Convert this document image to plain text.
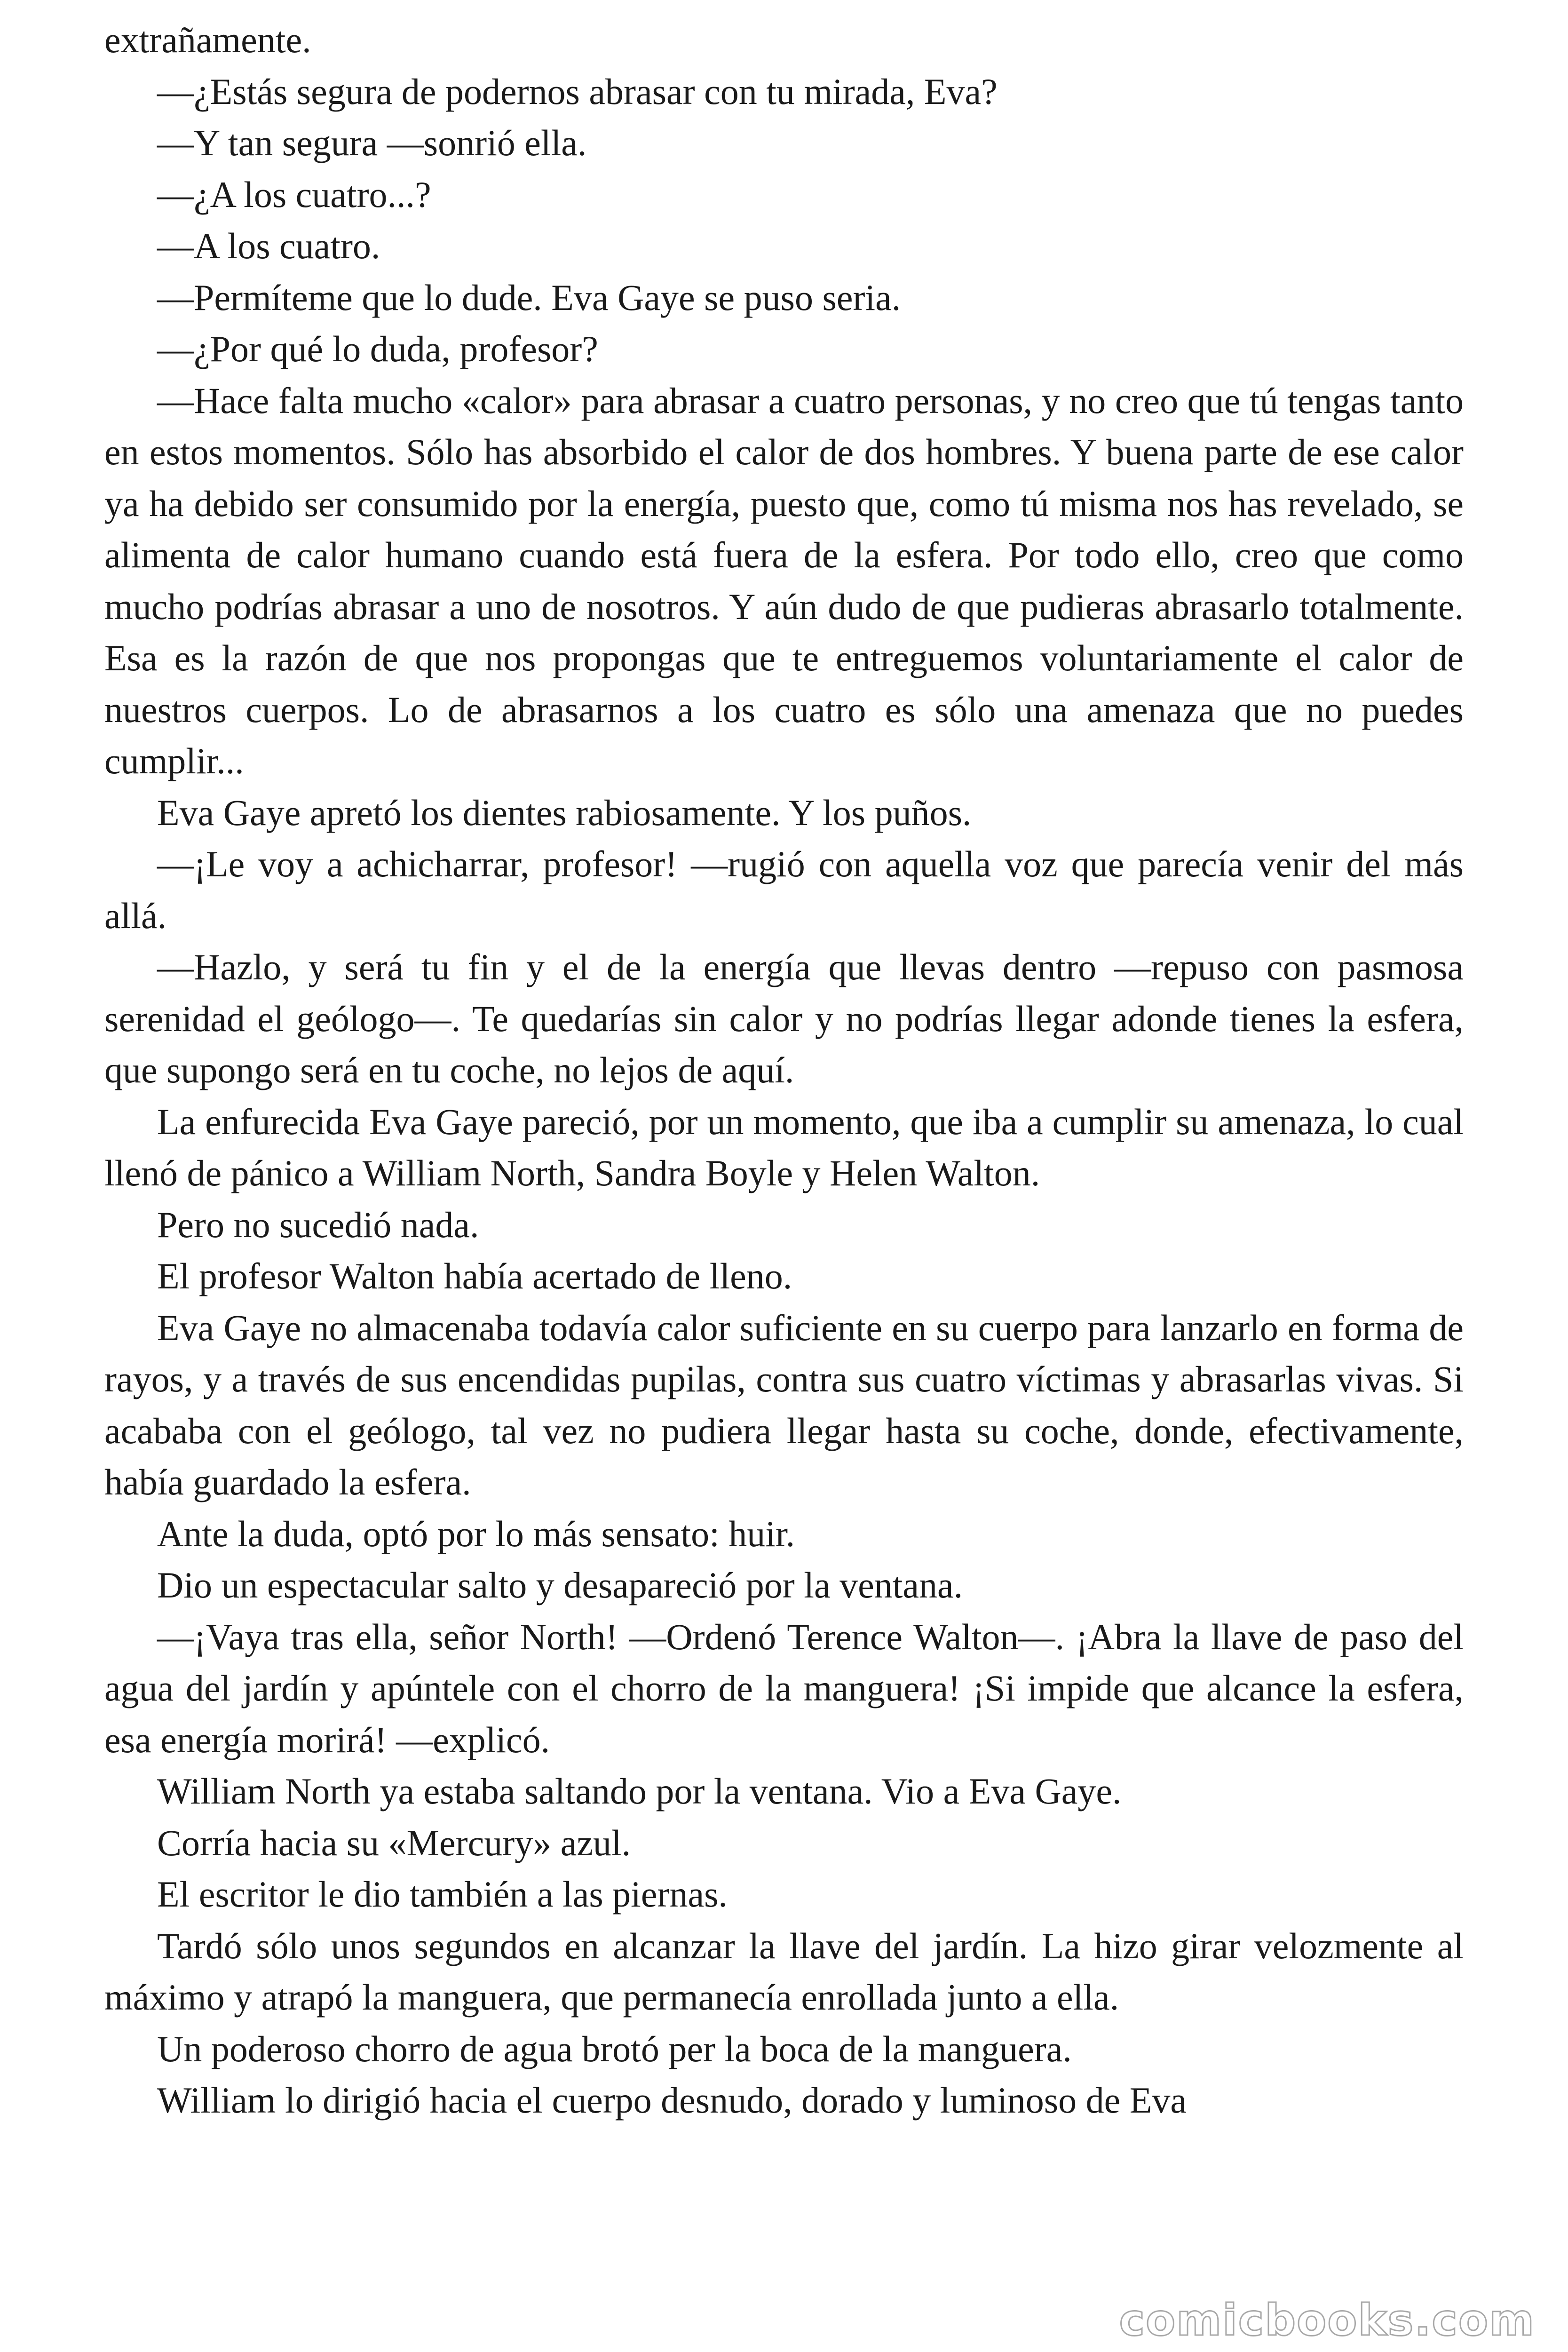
extrañamente.

—¿Estás segura de podernos abrasar con tu mirada, Eva?

—Y tan segura —sonrió ella.

—¿A los cuatro...?

—A los cuatro.

—Permíteme que lo dude. Eva Gaye se puso seria.

—¿Por qué lo duda, profesor?

—Hace falta mucho «calor» para abrasar a cuatro personas, y no creo que tú tengas tanto en estos momentos. Sólo has absorbido el calor de dos hombres. Y buena parte de ese calor ya ha debido ser consumido por la energía, puesto que, como tú misma nos has revelado, se alimenta de calor humano cuando está fuera de la esfera. Por todo ello, creo que como mucho podrías abrasar a uno de nosotros. Y aún dudo de que pudieras abrasarlo totalmente. Esa es la razón de que nos propongas que te entreguemos voluntariamente el calor de nuestros cuerpos. Lo de abrasarnos a los cuatro es sólo una amenaza que no puedes cumplir...

Eva Gaye apretó los dientes rabiosamente. Y los puños.

—¡Le voy a achicharrar, profesor! —rugió con aquella voz que parecía venir del más allá.

—Hazlo, y será tu fin y el de la energía que llevas dentro —repuso con pasmosa serenidad el geólogo—. Te quedarías sin calor y no podrías llegar adonde tienes la esfera, que supongo será en tu coche, no lejos de aquí.

La enfurecida Eva Gaye pareció, por un momento, que iba a cumplir su amenaza, lo cual llenó de pánico a William North, Sandra Boyle y Helen Walton.

Pero no sucedió nada.

El profesor Walton había acertado de lleno.

Eva Gaye no almacenaba todavía calor suficiente en su cuerpo para lanzarlo en forma de rayos, y a través de sus encendidas pupilas, contra sus cuatro víctimas y abrasarlas vivas. Si acababa con el geólogo, tal vez no pudiera llegar hasta su coche, donde, efectivamente, había guardado la esfera.

Ante la duda, optó por lo más sensato: huir.

Dio un espectacular salto y desapareció por la ventana.

—¡Vaya tras ella, señor North! —Ordenó Terence Walton—. ¡Abra la llave de paso del agua del jardín y apúntele con el chorro de la manguera! ¡Si impide que alcance la esfera, esa energía morirá! —explicó.

William North ya estaba saltando por la ventana. Vio a Eva Gaye.

Corría hacia su «Mercury» azul.

El escritor le dio también a las piernas.

Tardó sólo unos segundos en alcanzar la llave del jardín. La hizo girar velozmente al máximo y atrapó la manguera, que permanecía enrollada junto a ella.

Un poderoso chorro de agua brotó per la boca de la manguera.

William lo dirigió hacia el cuerpo desnudo, dorado y luminoso de Eva

comicbooks.com
